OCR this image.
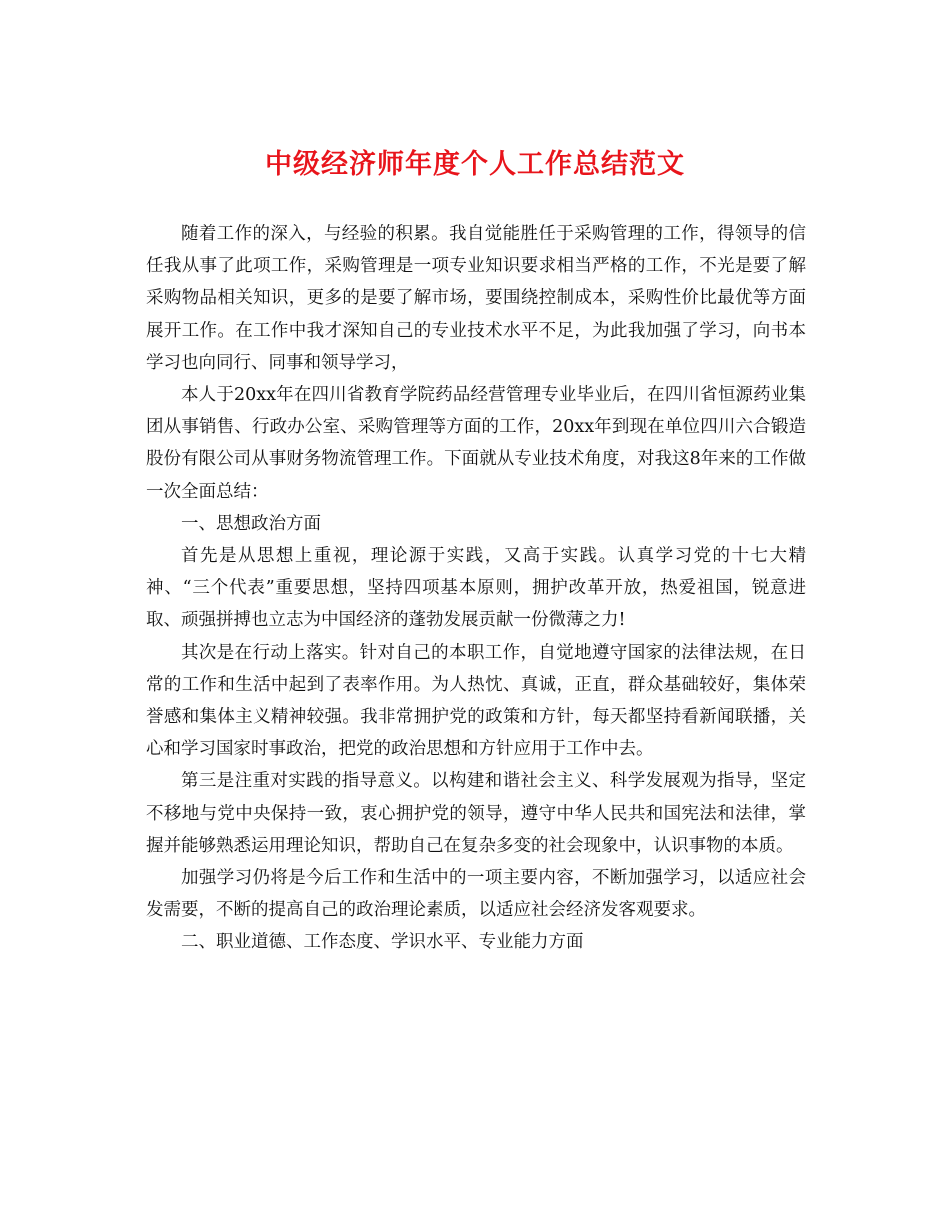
中级经济师年度个人工作总结范文

随着工作的深入，与经验的积累。我自觉能胜任于采购管理的工作，得领导的信任我从事了此项工作，采购管理是一项专业知识要求相当严格的工作，不光是要了解采购物品相关知识，更多的是要了解市场，要围绕控制成本，采购性价比最优等方面展开工作。在工作中我才深知自己的专业技术水平不足，为此我加强了学习，向书本学习也向同行、同事和领导学习，

本人于20xx年在四川省教育学院药品经营管理专业毕业后，在四川省恒源药业集团从事销售、行政办公室、采购管理等方面的工作，20xx年到现在单位四川六合锻造股份有限公司从事财务物流管理工作。下面就从专业技术角度，对我这8年来的工作做一次全面总结：

一、思想政治方面

首先是从思想上重视，理论源于实践，又高于实践。认真学习党的十七大精神、“三个代表”重要思想，坚持四项基本原则，拥护改革开放，热爱祖国，锐意进取、顽强拼搏也立志为中国经济的蓬勃发展贡献一份微薄之力!

其次是在行动上落实。针对自己的本职工作，自觉地遵守国家的法律法规，在日常的工作和生活中起到了表率作用。为人热忱、真诚，正直，群众基础较好，集体荣誉感和集体主义精神较强。我非常拥护党的政策和方针，每天都坚持看新闻联播，关心和学习国家时事政治，把党的政治思想和方针应用于工作中去。

第三是注重对实践的指导意义。以构建和谐社会主义、科学发展观为指导，坚定不移地与党中央保持一致，衷心拥护党的领导，遵守中华人民共和国宪法和法律，掌握并能够熟悉运用理论知识，帮助自己在复杂多变的社会现象中，认识事物的本质。

加强学习仍将是今后工作和生活中的一项主要内容，不断加强学习，以适应社会发需要，不断的提高自己的政治理论素质，以适应社会经济发客观要求。

二、职业道德、工作态度、学识水平、专业能力方面
